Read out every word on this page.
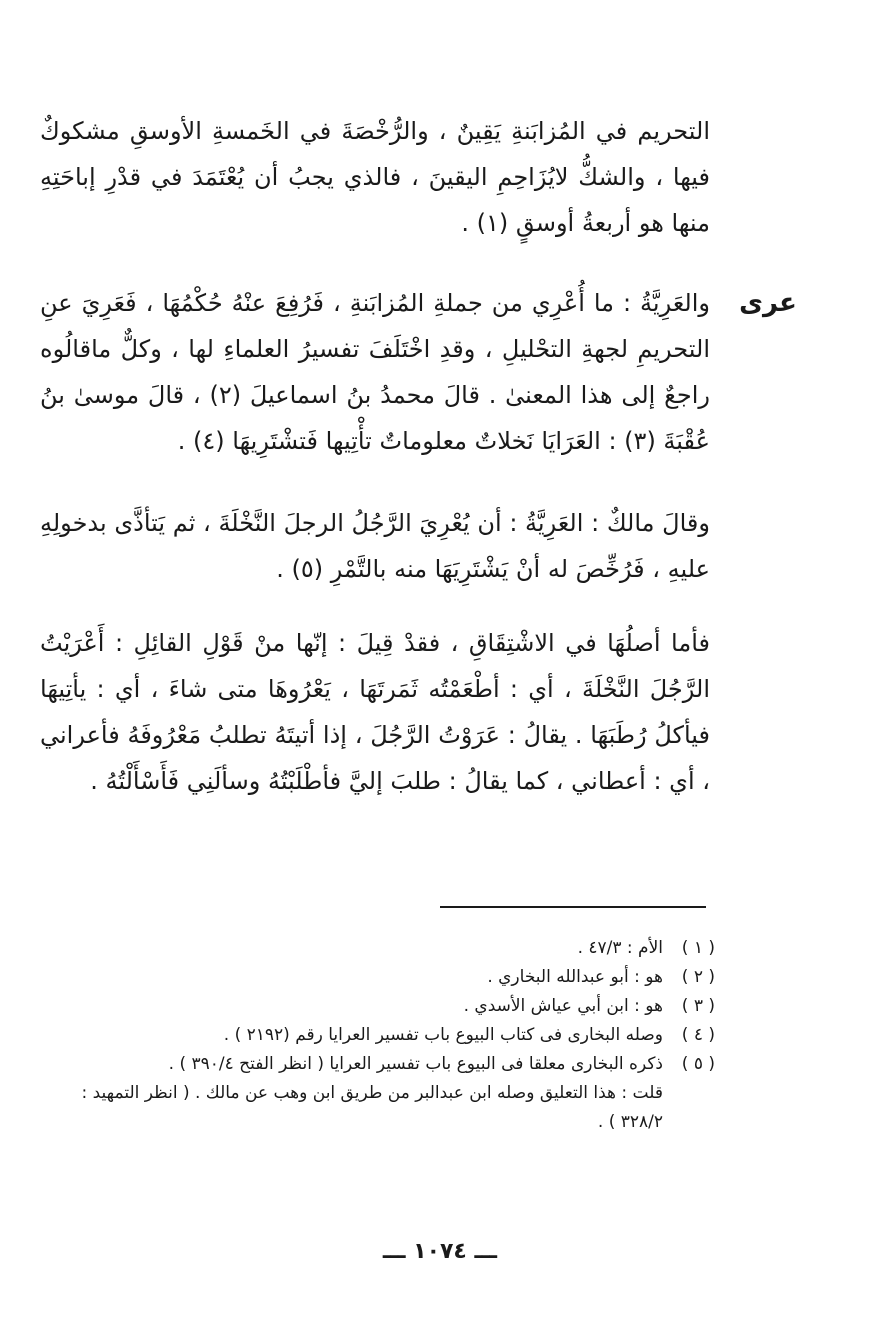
التحريم في المُزابَنةِ يَقِينٌ ، والرُّخْصَةَ في الخَمسةِ الأوسقِ مشكوكٌ فيها ، والشكُّ لايُزَاحِمِ اليقينَ ، فالذي يجبُ أن يُعْتَمَدَ في قدْرِ إباحَتِهِ منها هو أربعةُ أوسقٍ (١) .

عرى

والعَرِيَّةُ : ما أُعْرِي من جملةِ المُزابَنةِ ، فَرُفِعَ عنْهُ حُكْمُهَا ، فَعَرِيَ عنِ التحريمِ لجهةِ التحْليلِ ، وقدِ اخْتَلَفَ تفسيرُ العلماءِ لها ، وكلٌّ ماقالُوه راجعٌ إلى هذا المعنىٰ . قالَ محمدُ بنُ اسماعيلَ (٢) ، قالَ موسىٰ بنُ عُقْبَةَ (٣) : العَرَايَا نَخلاتٌ معلوماتٌ تأْتِيها فَتشْتَرِيهَا (٤) .

وقالَ مالكٌ : العَرِيَّةُ : أن يُعْرِيَ الرَّجُلُ الرجلَ النَّخْلَةَ ، ثم يَتأذَّى بدخولِهِ عليهِ ، فَرُخِّصَ له أنْ يَشْتَرِيَهَا منه بالتَّمْرِ (٥) .

فأما أصلُهَا في الاشْتِقَاقِ ، فقدْ قِيلَ : إنّها منْ قَوْلِ القائِلِ : أَعْرَيْتُ الرَّجُلَ النَّخْلَةَ ، أي : أطْعَمْتُه ثَمَرتَهَا ، يَعْرُوهَا متى شاءَ ، أي : يأتِيهَا فيأكلُ رُطَبَهَا . يقالُ : عَرَوْتُ الرَّجُلَ ، إذا أتيتَهُ تطلبُ مَعْرُوفَهُ فأعراني ، أي : أعطاني ، كما يقالُ : طلبَ إليَّ فأطْلَبْتُهُ وسألَنِي فَأَسْأَلْتُهُ .

( ١ )
الأم : ٤٧/٣ .
( ٢ )
هو : أبو عبدالله البخاري .
( ٣ )
هو : ابن أبي عياش الأسدي .
( ٤ )
وصله البخارى فى كتاب البيوع باب تفسير العرايا رقم (٢١٩٢ ) .
( ٥ )
ذكره البخارى معلقا فى البيوع باب تفسير العرايا ( انظر الفتح ٣٩٠/٤ ) .
قلت : هذا التعليق وصله ابن عبدالبر من طريق ابن وهب عن مالك . ( انظر التمهيد : ٣٢٨/٢ ) .
ـــ ١٠٧٤ ـــ
